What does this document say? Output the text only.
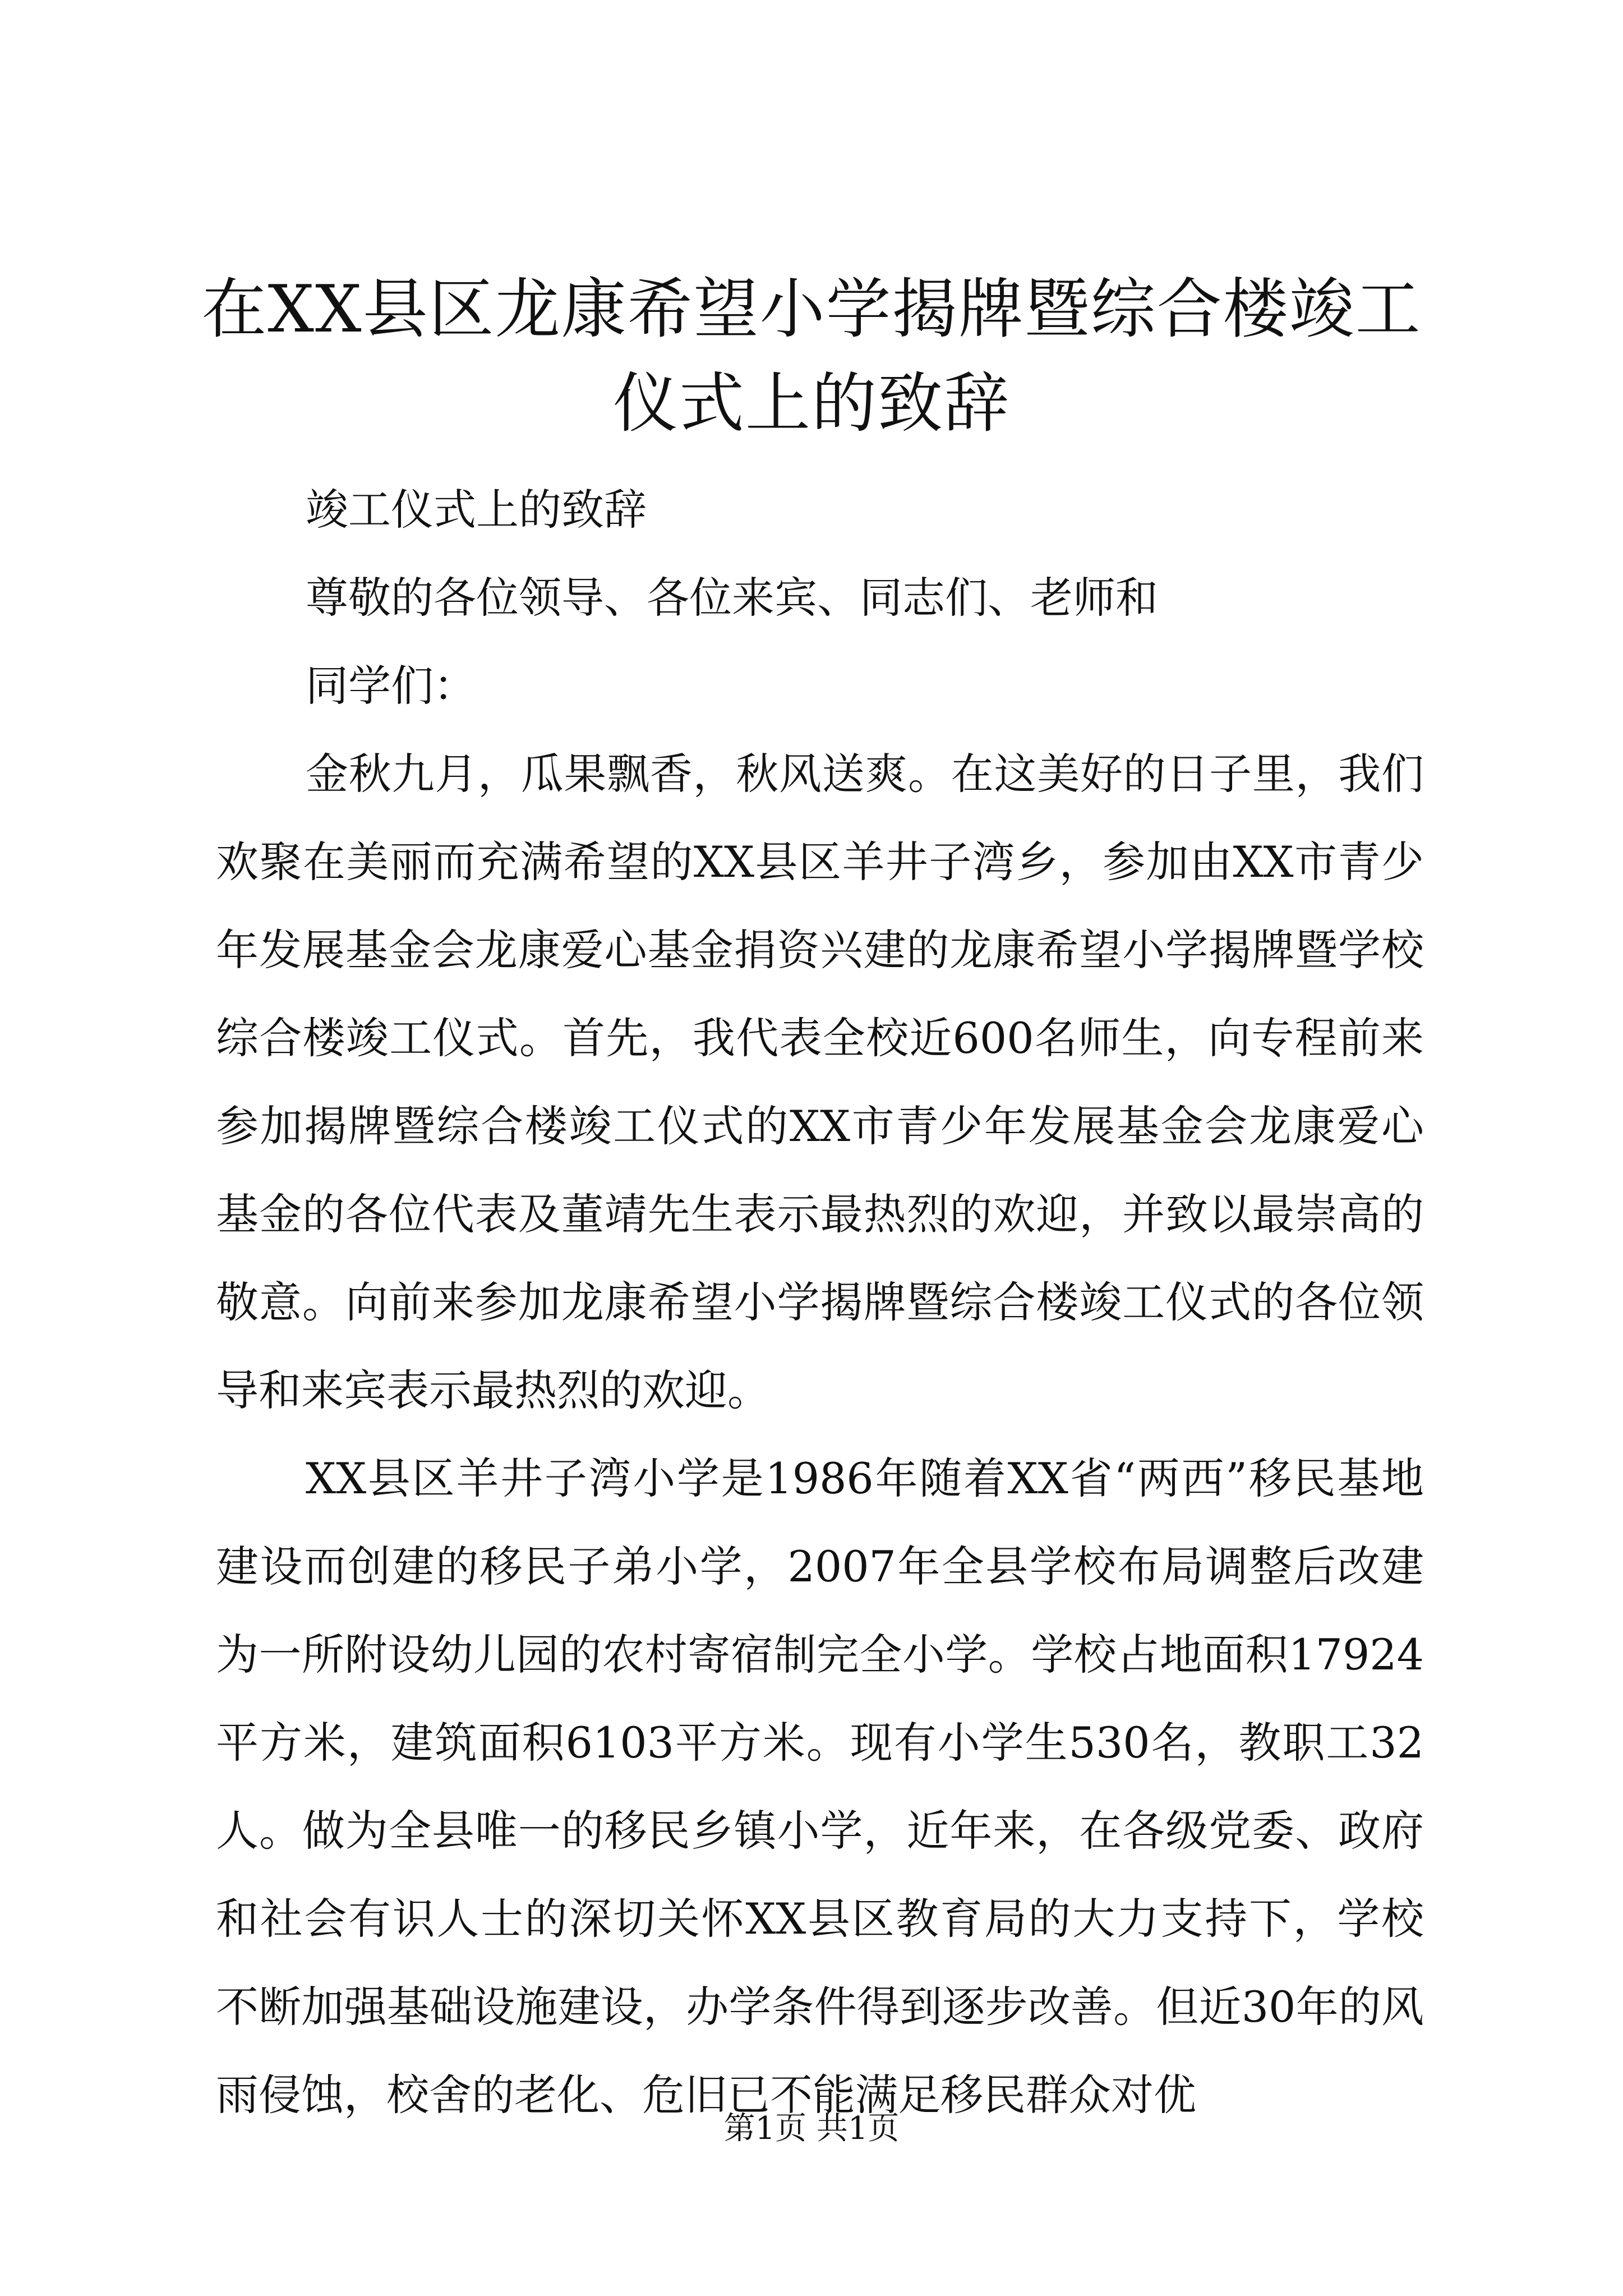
在XX县区龙康希望小学揭牌暨综合楼竣工仪式上的致辞

竣工仪式上的致辞

尊敬的各位领导、各位来宾、同志们、老师和

同学们：

金秋九月，瓜果飘香，秋风送爽。在这美好的日子里，我们欢聚在美丽而充满希望的XX县区羊井子湾乡，参加由XX市青少年发展基金会龙康爱心基金捐资兴建的龙康希望小学揭牌暨学校综合楼竣工仪式。首先，我代表全校近600名师生，向专程前来参加揭牌暨综合楼竣工仪式的XX市青少年发展基金会龙康爱心基金的各位代表及董靖先生表示最热烈的欢迎，并致以最崇高的敬意。向前来参加龙康希望小学揭牌暨综合楼竣工仪式的各位领导和来宾表示最热烈的欢迎。

XX县区羊井子湾小学是1986年随着XX省“两西”移民基地建设而创建的移民子弟小学，2007年全县学校布局调整后改建为一所附设幼儿园的农村寄宿制完全小学。学校占地面积17924平方米，建筑面积6103平方米。现有小学生530名，教职工32人。做为全县唯一的移民乡镇小学，近年来，在各级党委、政府和社会有识人士的深切关怀XX县区教育局的大力支持下，学校不断加强基础设施建设，办学条件得到逐步改善。但近30年的风雨侵蚀，校舍的老化、危旧已不能满足移民群众对优

第1页 共1页
